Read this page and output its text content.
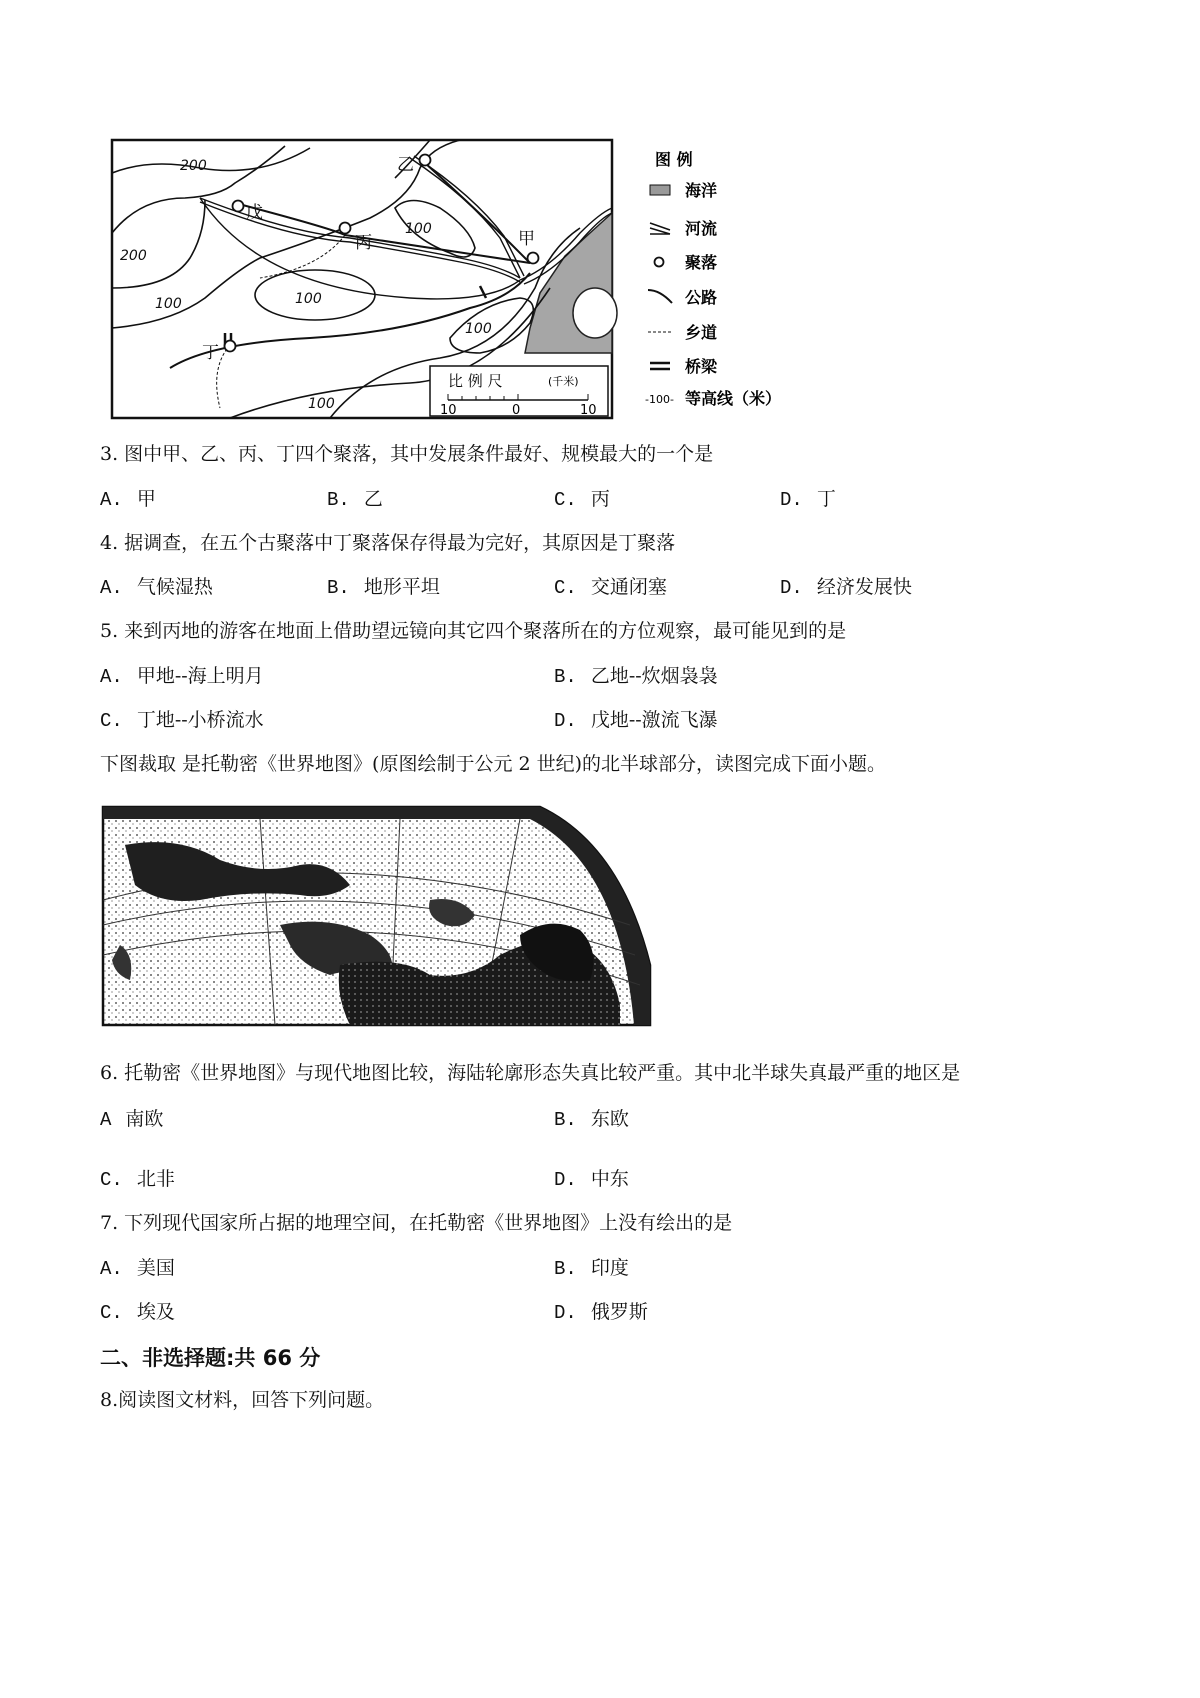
乙
戊
丙	甲
丁
200
200
100	100
100
100
100
比 例 尺	(千米)
10	0	10
图 例
海洋
河流
聚落
公路
乡道
桥梁
-100- 等高线（米）
3. 图中甲、乙、丙、丁四个聚落，其中发展条件最好、规模最大的一个是
A. 甲	B. 乙	C. 丙	D. 丁
4. 据调查，在五个古聚落中丁聚落保存得最为完好，其原因是丁聚落
A. 气候湿热	B. 地形平坦	C. 交通闭塞	D. 经济发展快
5. 来到丙地的游客在地面上借助望远镜向其它四个聚落所在的方位观察，最可能见到的是
A. 甲地--海上明月	B. 乙地--炊烟袅袅
C. 丁地--小桥流水	D. 戊地--激流飞瀑
下图裁取 是托勒密《世界地图》(原图绘制于公元 2 世纪)的北半球部分，读图完成下面小题。
6. 托勒密《世界地图》与现代地图比较，海陆轮廓形态失真比较严重。其中北半球失真最严重的地区是
A 南欧	B. 东欧
C. 北非	D. 中东
7. 下列现代国家所占据的地理空间，在托勒密《世界地图》上没有绘出的是
A. 美国	B. 印度
C. 埃及	D. 俄罗斯
二、非选择题:共 66 分
8.阅读图文材料，回答下列问题。
